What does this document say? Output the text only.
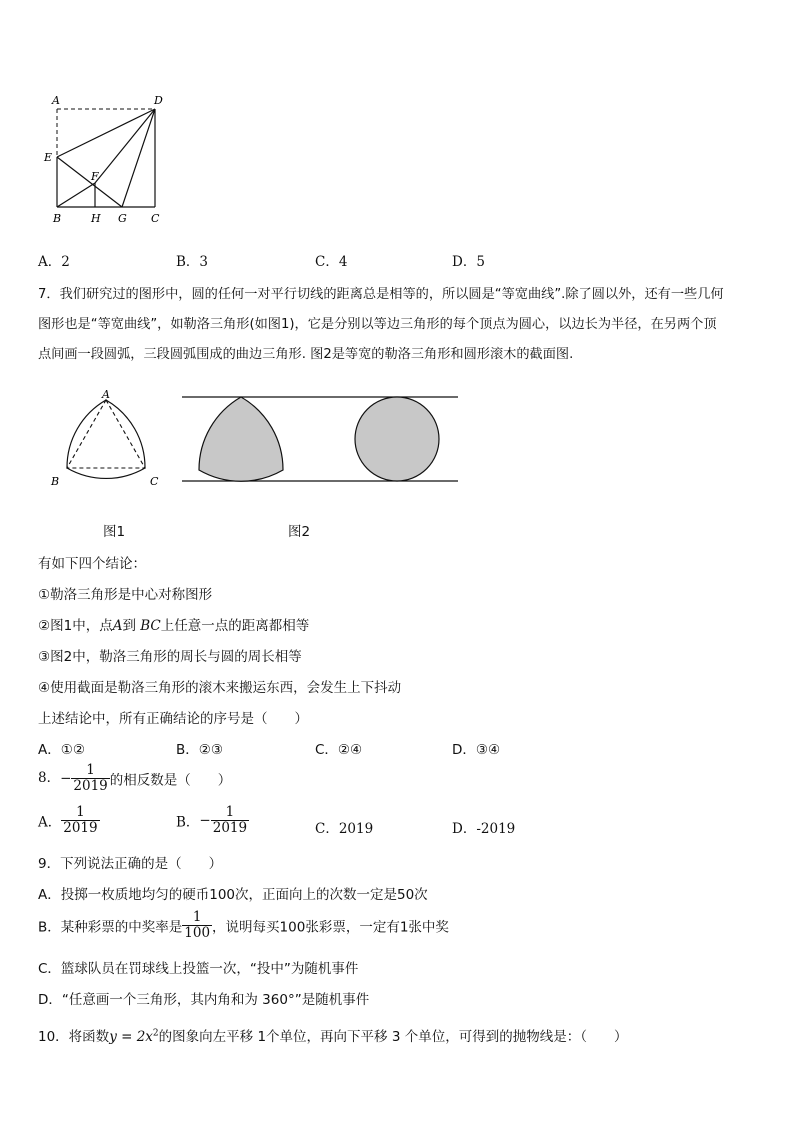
A	D
E
F
B	H G C
A．2	B．3	C．4	D．5
7．我们研究过的图形中，圆的任何一对平行切线的距离总是相等的，所以圆是“等宽曲线”.除了圆以外，还有一些几何
图形也是“等宽曲线”，如勒洛三角形(如图1)，它是分别以等边三角形的每个顶点为圆心，以边长为半径，在另两个顶
点间画一段圆弧，三段圆弧围成的曲边三角形. 图2是等宽的勒洛三角形和圆形滚木的截面图.
A
B	C
图1	图2
有如下四个结论：
①勒洛三角形是中心对称图形
②图1中，点A到 BC上任意一点的距离都相等
③图2中，勒洛三角形的周长与圆的周长相等
④使用截面是勒洛三角形的滚木来搬运东西，会发生上下抖动
上述结论中，所有正确结论的序号是（　　）
A．①②	B．②③	C．②④	D．③④
8．− $\frac{1}{2019}$ 的相反数是（　　）
A． $\frac{1}{2019}$	B．− $\frac{1}{2019}$	C．2019	D．-2019
9．下列说法正确的是（　　）
A．投掷一枚质地均匀的硬币100次，正面向上的次数一定是50次
B．某种彩票的中奖率是 $\frac{1}{100}$ ，说明每买100张彩票，一定有1张中奖
C．篮球队员在罚球线上投篮一次，“投中”为随机事件
D．“任意画一个三角形，其内角和为 360°”是随机事件
10．将函数$y = 2x^2$的图象向左平移 1个单位，再向下平移 3 个单位，可得到的抛物线是：（　　）
